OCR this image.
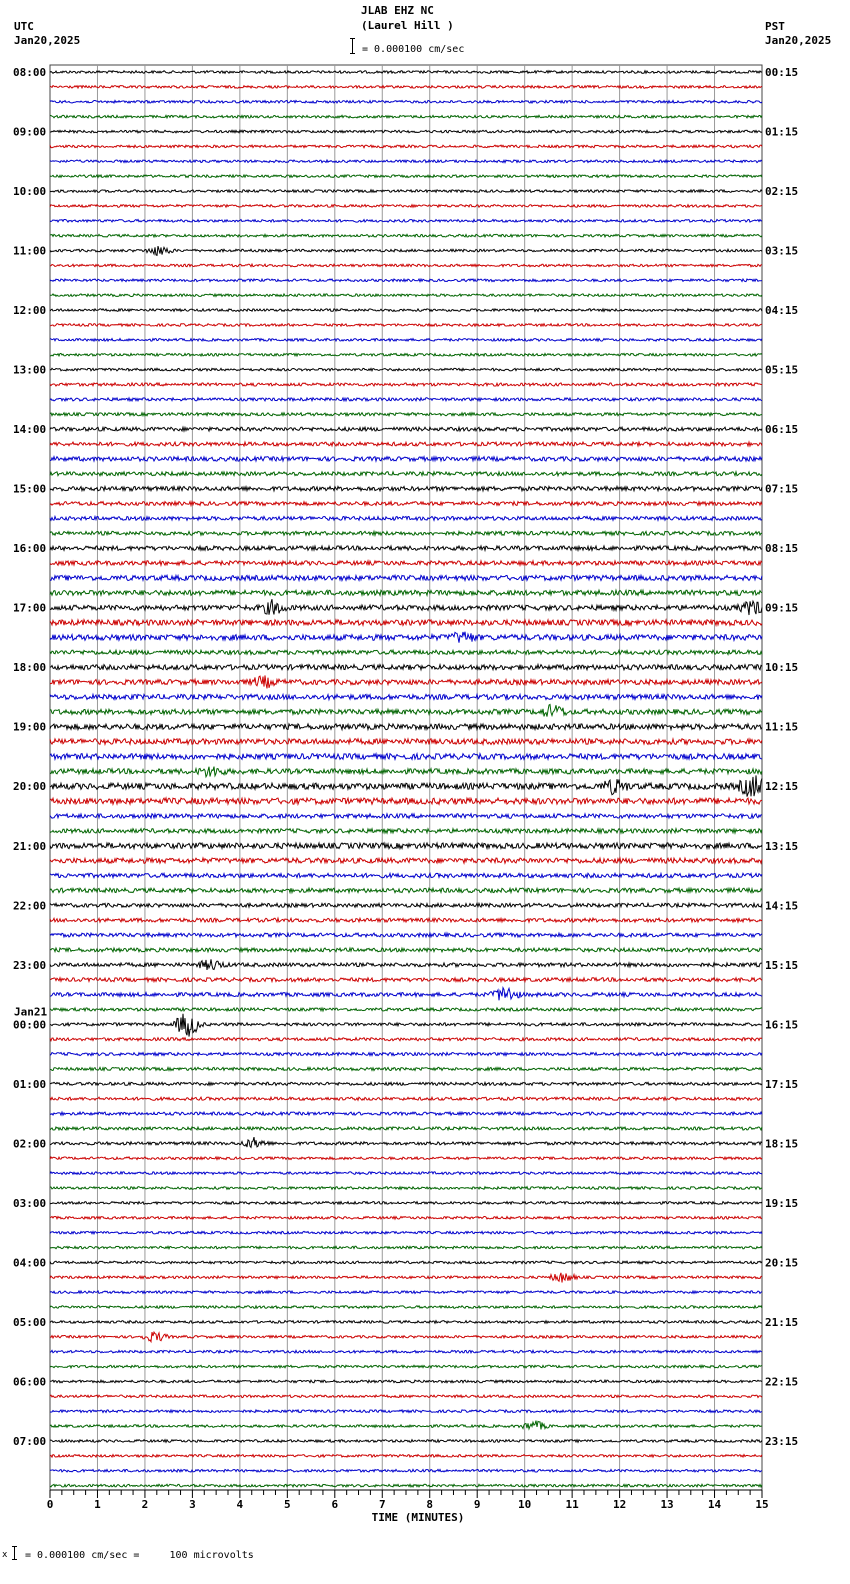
JLAB EHZ NC
(Laurel Hill )
UTC
Jan20,2025
PST
Jan20,2025
= 0.000100 cm/sec
0	1	2	3	4	5	6	7	8	9	10	11	12	13	14	15
TIME (MINUTES)
08:00
09:00
10:00
11:00
12:00
13:00
14:00
15:00
16:00
17:00
18:00
19:00
20:00
21:00
22:00
23:00
Jan21
00:00
01:00
02:00
03:00
04:00
05:00
06:00
07:00
00:15
01:15
02:15
03:15
04:15
05:15
06:15
07:15
08:15
09:15
10:15
11:15
12:15
13:15
14:15
15:15
16:15
17:15
18:15
19:15
20:15
21:15
22:15
23:15
x = 0.000100 cm/sec =     100 microvolts
